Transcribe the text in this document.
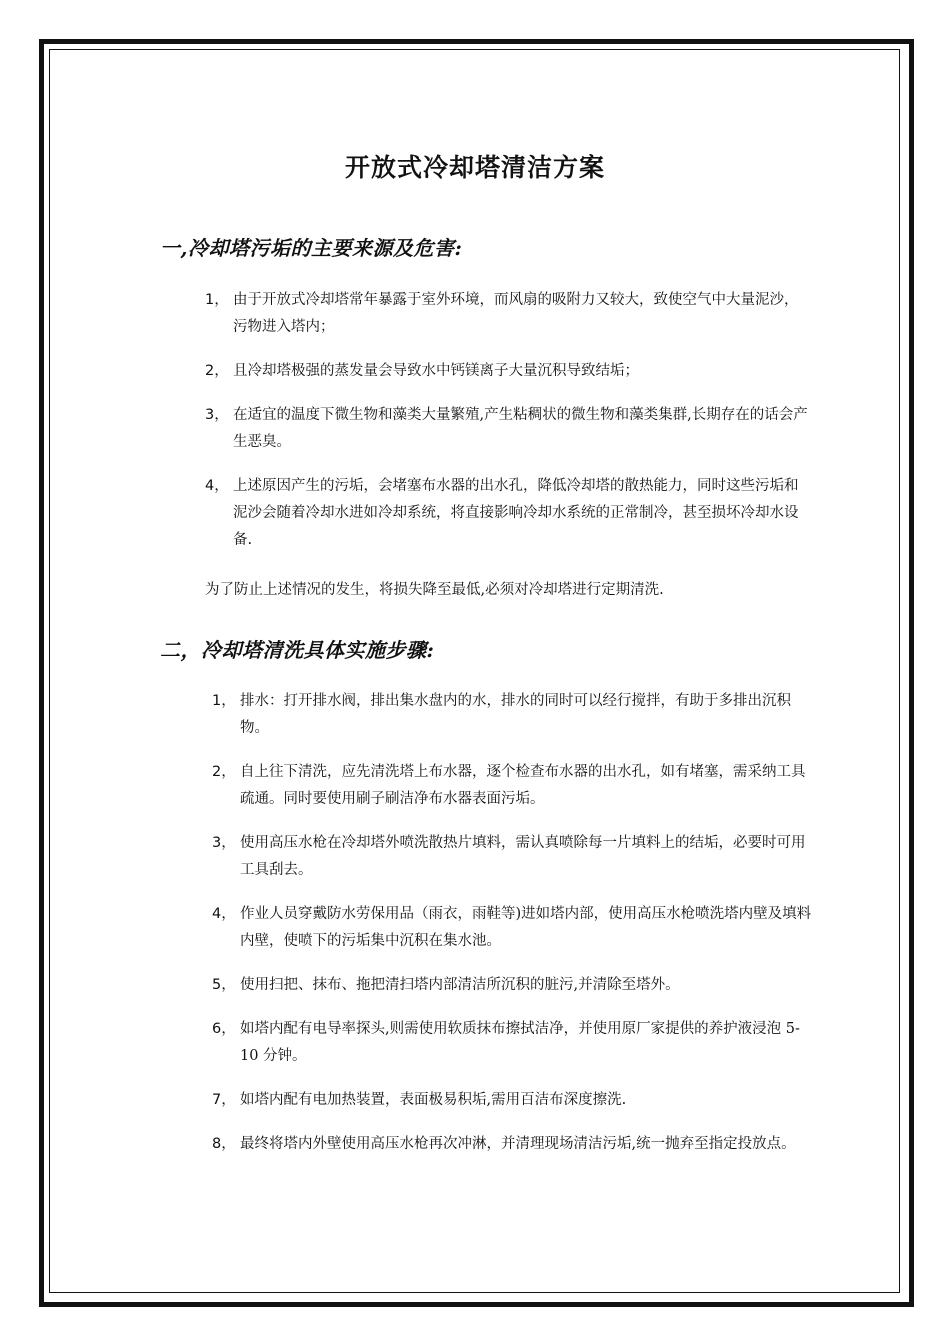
开放式冷却塔清洁方案
一,冷却塔污垢的主要来源及危害:
1， 由于开放式冷却塔常年暴露于室外环境，而风扇的吸附力又较大，致使空气中大量泥沙，污物进入塔内；
2， 且冷却塔极强的蒸发量会导致水中钙镁离子大量沉积导致结垢；
3， 在适宜的温度下微生物和藻类大量繁殖,产生粘稠状的微生物和藻类集群,长期存在的话会产生恶臭。
4， 上述原因产生的污垢，会堵塞布水器的出水孔，降低冷却塔的散热能力，同时这些污垢和泥沙会随着冷却水进如冷却系统，将直接影响冷却水系统的正常制冷，甚至损坏冷却水设备.
为了防止上述情况的发生，将损失降至最低,必须对冷却塔进行定期清洗.
二，冷却塔清洗具体实施步骤:
1， 排水：打开排水阀，排出集水盘内的水，排水的同时可以经行搅拌，有助于多排出沉积物。
2， 自上往下清洗，应先清洗塔上布水器，逐个检查布水器的出水孔，如有堵塞，需采纳工具疏通。同时要使用刷子刷洁净布水器表面污垢。
3， 使用高压水枪在冷却塔外喷洗散热片填料，需认真喷除每一片填料上的结垢，必要时可用工具刮去。
4， 作业人员穿戴防水劳保用品（雨衣，雨鞋等)进如塔内部，使用高压水枪喷洗塔内壁及填料内壁，使喷下的污垢集中沉积在集水池。
5， 使用扫把、抹布、拖把清扫塔内部清洁所沉积的脏污,并清除至塔外。
6， 如塔内配有电导率探头,则需使用软质抹布擦拭洁净，并使用原厂家提供的养护液浸泡 5-10 分钟。
7， 如塔内配有电加热装置，表面极易积垢,需用百洁布深度擦洗.
8， 最终将塔内外壁使用高压水枪再次冲淋，并清理现场清洁污垢,统一抛弃至指定投放点。
